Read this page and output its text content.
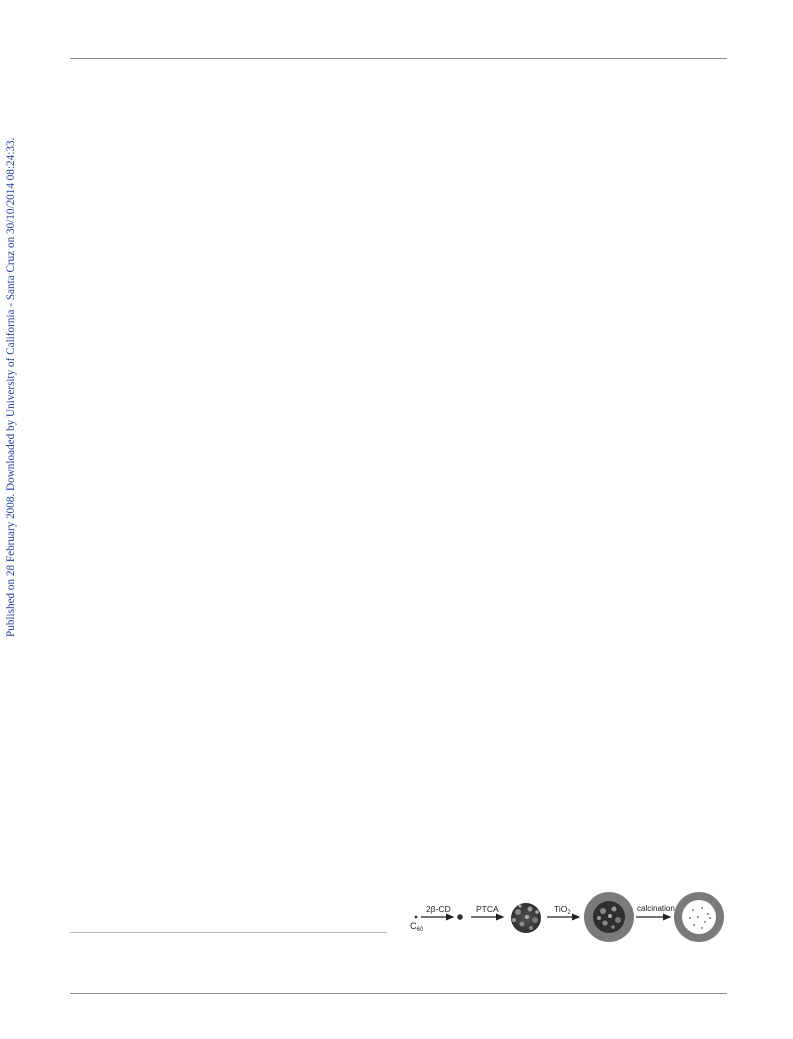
Published on 28 February 2008. Downloaded by University of California - Santa Cruz on 30/10/2014 08:24:33.
$C_{60}$
2β-CD	PTCA	TiO$_2$	calcination
